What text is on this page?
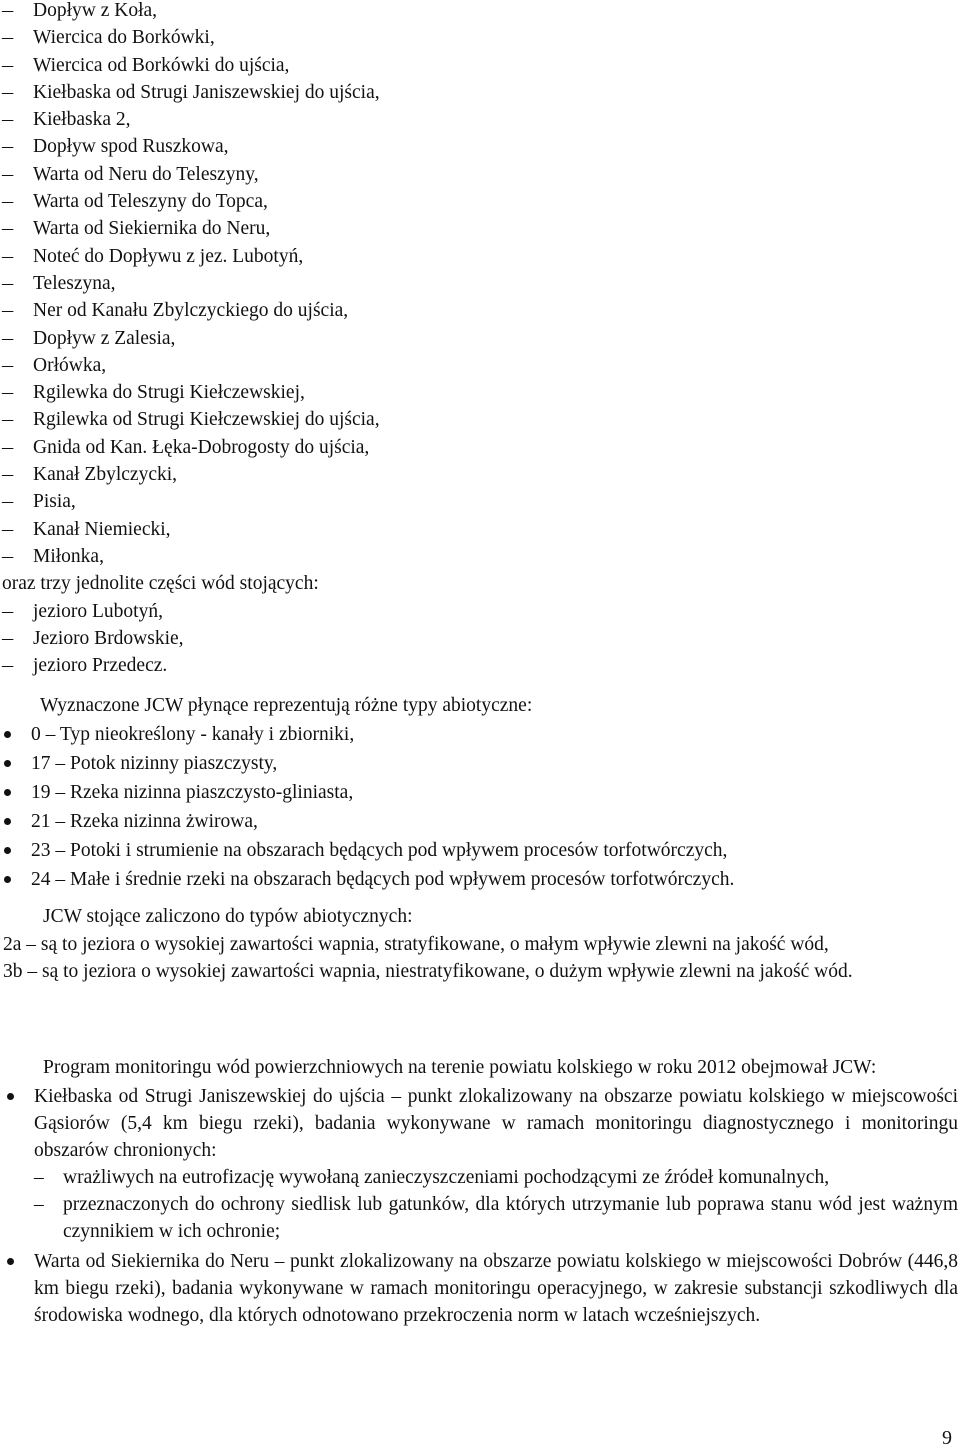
– Dopływ z Koła,
– Wiercica do Borkówki,
– Wiercica od Borkówki do ujścia,
– Kiełbaska od Strugi Janiszewskiej do ujścia,
– Kiełbaska 2,
– Dopływ spod Ruszkowa,
– Warta od Neru do Teleszyny,
– Warta od Teleszyny do Topca,
– Warta od Siekiernika do Neru,
– Noteć do Dopływu z jez. Lubotyń,
– Teleszyna,
– Ner od Kanału Zbylczyckiego do ujścia,
– Dopływ z Zalesia,
– Orłówka,
– Rgilewka do Strugi Kiełczewskiej,
– Rgilewka od Strugi Kiełczewskiej do ujścia,
– Gnida od Kan. Łęka-Dobrogosty do ujścia,
– Kanał Zbylczycki,
– Pisia,
– Kanał Niemiecki,
– Miłonka,
oraz trzy jednolite części wód stojących:
– jezioro Lubotyń,
– Jezioro Brdowskie,
– jezioro Przedecz.
Wyznaczone JCW płynące reprezentują różne typy abiotyczne:
0 – Typ nieokreślony - kanały i zbiorniki,
17 – Potok nizinny piaszczysty,
19 – Rzeka nizinna piaszczysto-gliniasta,
21 – Rzeka nizinna żwirowa,
23 – Potoki i strumienie na obszarach będących pod wpływem procesów torfotwórczych,
24 – Małe i średnie rzeki na obszarach będących pod wpływem procesów torfotwórczych.
JCW stojące zaliczono do typów abiotycznych:
2a – są to jeziora o wysokiej zawartości wapnia, stratyfikowane, o małym wpływie zlewni na jakość wód,
3b – są to jeziora o wysokiej zawartości wapnia, niestratyfikowane, o dużym wpływie zlewni na jakość wód.
Program monitoringu wód powierzchniowych na terenie powiatu kolskiego w roku 2012 obejmował JCW:
Kiełbaska od Strugi Janiszewskiej do ujścia – punkt zlokalizowany na obszarze powiatu kolskiego w miejscowości Gąsiorów (5,4 km biegu rzeki), badania wykonywane w ramach monitoringu diagnostycznego i monitoringu obszarów chronionych:
– wrażliwych na eutrofizację wywołaną zanieczyszczeniami pochodzącymi ze źródeł komunalnych,
– przeznaczonych do ochrony siedlisk lub gatunków, dla których utrzymanie lub poprawa stanu wód jest ważnym czynnikiem w ich ochronie;
Warta od Siekiernika do Neru – punkt zlokalizowany na obszarze powiatu kolskiego w miejscowości Dobrów (446,8 km biegu rzeki), badania wykonywane w ramach monitoringu operacyjnego, w zakresie substancji szkodliwych dla środowiska wodnego, dla których odnotowano przekroczenia norm w latach wcześniejszych.
9
